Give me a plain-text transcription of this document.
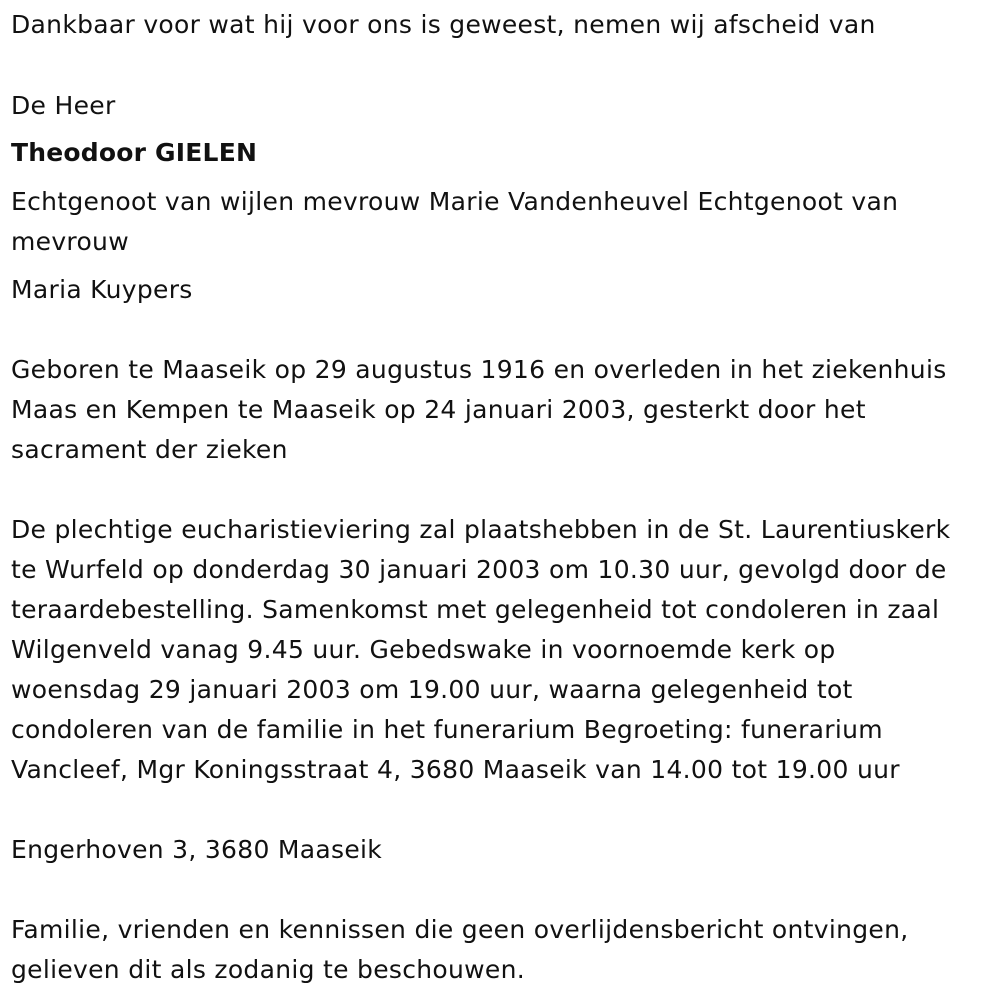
Dankbaar voor wat hij voor ons is geweest, nemen wij afscheid van

De Heer

Theodoor GIELEN

Echtgenoot van wijlen mevrouw Marie Vandenheuvel Echtgenoot van

mevrouw

Maria Kuypers

Geboren te Maaseik op 29 augustus 1916 en overleden in het ziekenhuis

Maas en Kempen te Maaseik op 24 januari 2003, gesterkt door het

sacrament der zieken

De plechtige eucharistieviering zal plaatshebben in de St. Laurentiuskerk

te Wurfeld op donderdag 30 januari 2003 om 10.30 uur, gevolgd door de

teraardebestelling. Samenkomst met gelegenheid tot condoleren in zaal

Wilgenveld vanag 9.45 uur. Gebedswake in voornoemde kerk op

woensdag 29 januari 2003 om 19.00 uur, waarna gelegenheid tot

condoleren van de familie in het funerarium Begroeting: funerarium

Vancleef, Mgr Koningsstraat 4, 3680 Maaseik van 14.00 tot 19.00 uur

Engerhoven 3, 3680 Maaseik

Familie, vrienden en kennissen die geen overlijdensbericht ontvingen,

gelieven dit als zodanig te beschouwen.
